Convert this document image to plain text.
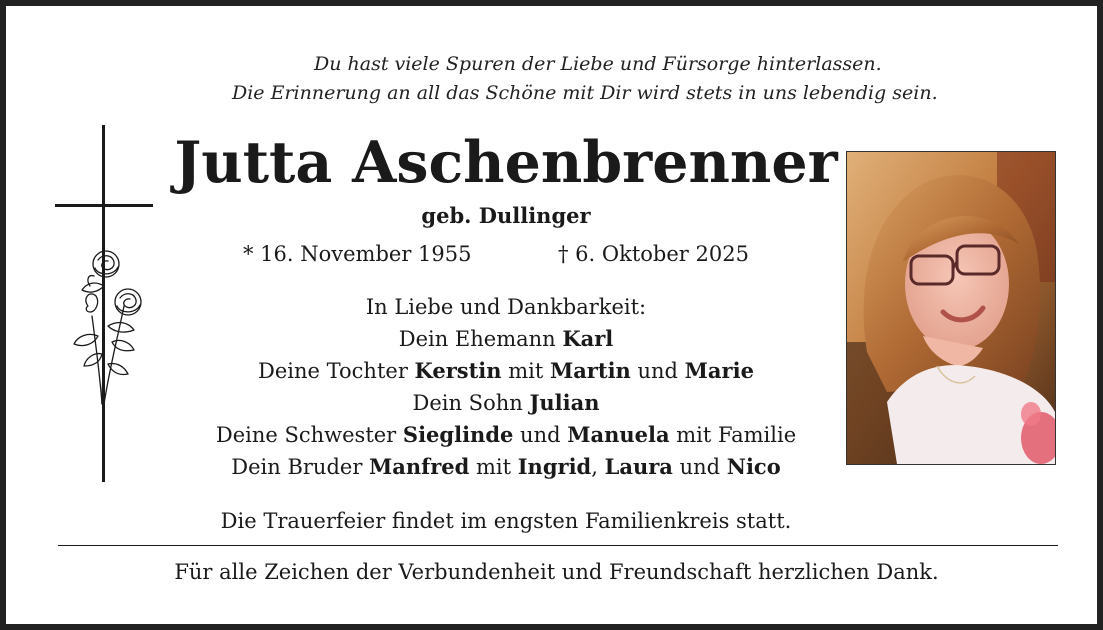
Du hast viele Spuren der Liebe und Fürsorge hinterlassen.
Die Erinnerung an all das Schöne mit Dir wird stets in uns lebendig sein.
Jutta Aschenbrenner
geb. Dullinger
* 16. November 1955	† 6. Oktober 2025
In Liebe und Dankbarkeit:
Dein Ehemann Karl
Deine Tochter Kerstin mit Martin und Marie
Dein Sohn Julian
Deine Schwester Sieglinde und Manuela mit Familie
Dein Bruder Manfred mit Ingrid, Laura und Nico
Die Trauerfeier findet im engsten Familienkreis statt.
Für alle Zeichen der Verbundenheit und Freundschaft herzlichen Dank.
